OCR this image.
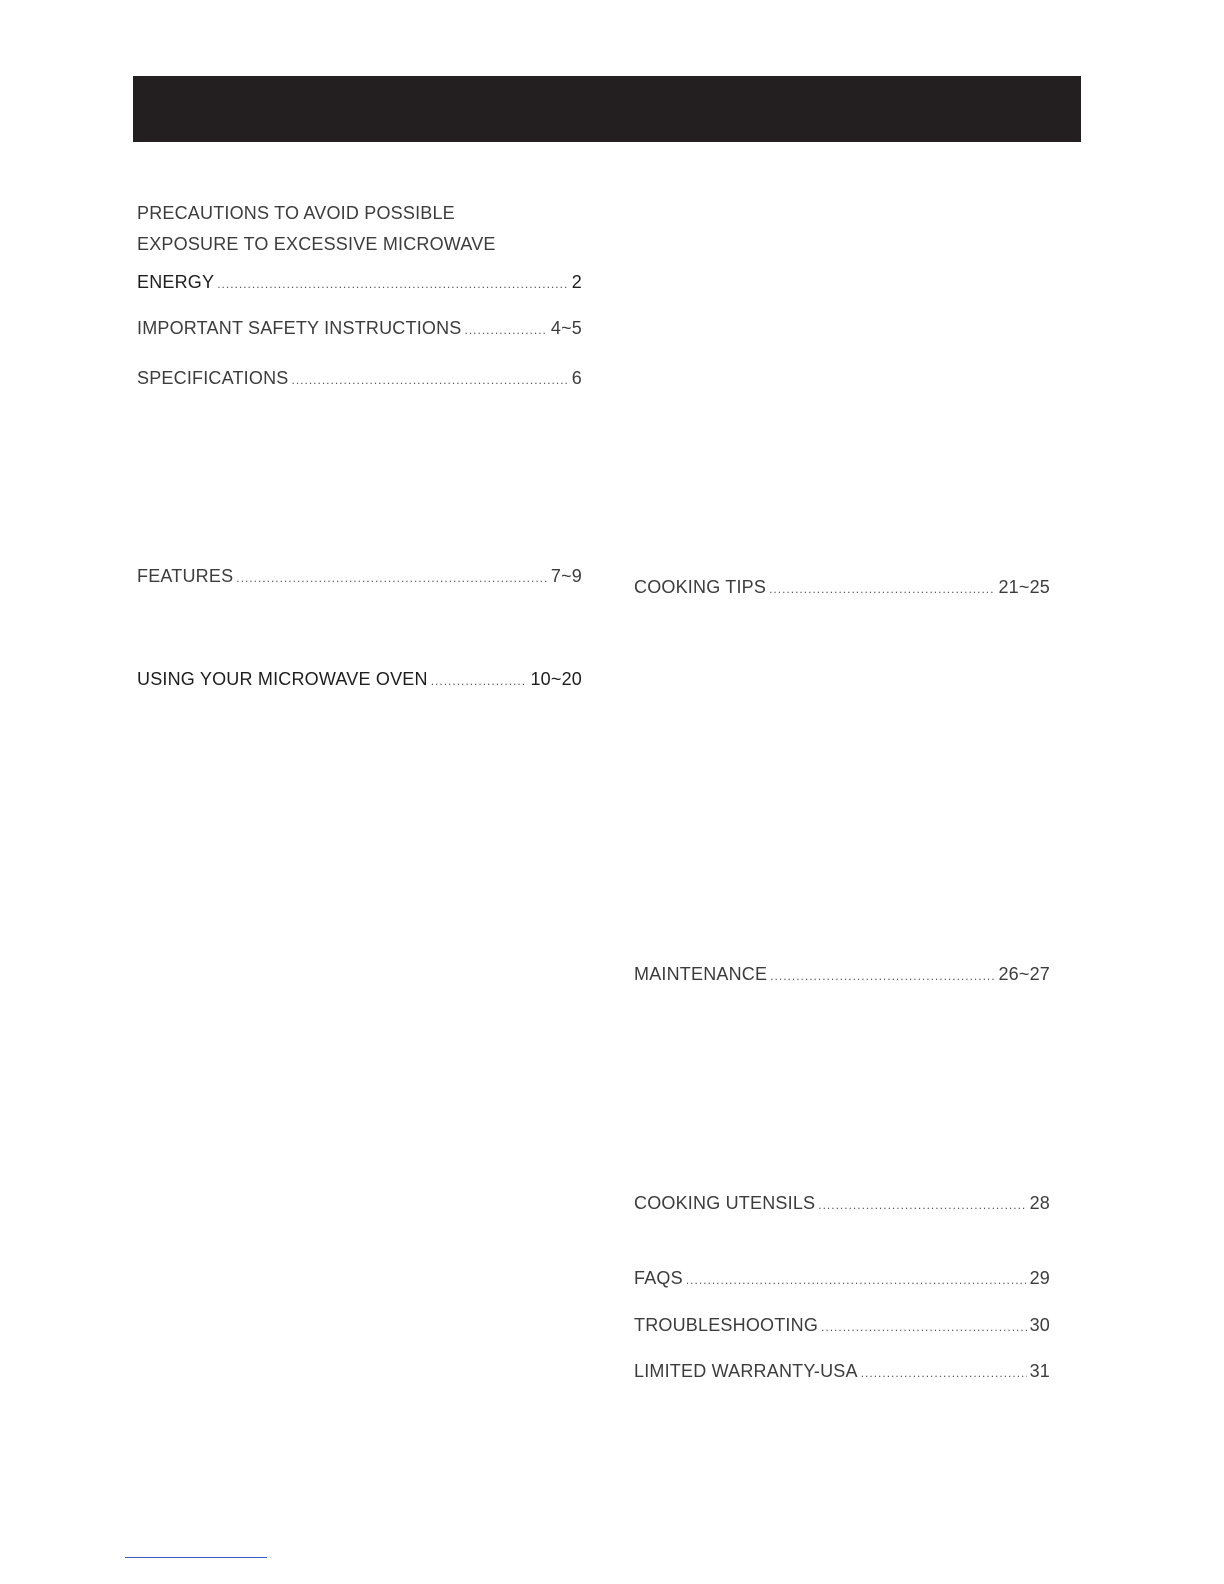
PRECAUTIONS TO AVOID POSSIBLE
EXPOSURE TO EXCESSIVE MICROWAVE
ENERGY .....	2
IMPORTANT SAFETY INSTRUCTIONS .....	4~5
SPECIFICATIONS .....	6
FEATURES .....	7~9
USING YOUR MICROWAVE OVEN .....	10~20
COOKING TIPS .....	21~25
MAINTENANCE .....	26~27
COOKING UTENSILS .....	28
FAQS .....	29
TROUBLESHOOTING .....	30
LIMITED WARRANTY-USA .....	31
